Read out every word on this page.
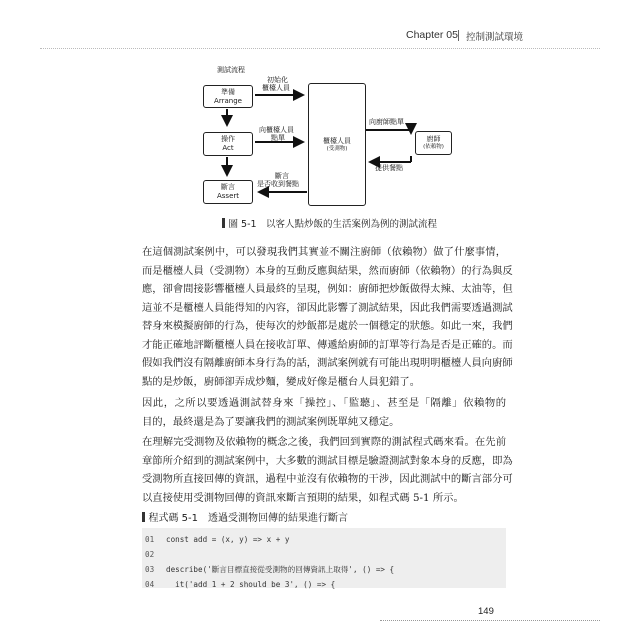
Chapter 05 控制測試環境
測試流程
準備
Arrange
操作
Act
斷言
Assert
櫃檯人員
(受測物)
廚師
(依賴物)
初始化
櫃檯人員
向櫃檯人員
點單
斷言
是否收到餐點
向廚師點單
提供餐點
圖 5-1　以客人點炒飯的生活案例為例的測試流程

在這個測試案例中，可以發現我們其實並不關注廚師（依賴物）做了什麼事情，
而是櫃檯人員（受測物）本身的互動反應與結果，然而廚師（依賴物）的行為與反
應，卻會間接影響櫃檯人員最終的呈現，例如：廚師把炒飯做得太辣、太油等，但
這並不是櫃檯人員能得知的內容，卻因此影響了測試結果，因此我們需要透過測試
替身來模擬廚師的行為，使每次的炒飯都是處於一個穩定的狀態。如此一來，我們
才能正確地評斷櫃檯人員在接收訂單、傳遞給廚師的訂單等行為是否是正確的。而
假如我們沒有隔離廚師本身行為的話，測試案例就有可能出現明明櫃檯人員向廚師
點的是炒飯，廚師卻弄成炒麵，變成好像是櫃台人員犯錯了。

因此，之所以要透過測試替身來「操控」、「監聽」、甚至是「隔離」依賴物的
目的，最終還是為了要讓我們的測試案例既單純又穩定。

在理解完受測物及依賴物的概念之後，我們回到實際的測試程式碼來看。在先前
章節所介紹到的測試案例中，大多數的測試目標是驗證測試對象本身的反應，即為
受測物所直接回傳的資訊，過程中並沒有依賴物的干涉，因此測試中的斷言部分可
以直接使用受測物回傳的資訊來斷言預期的結果，如程式碼 5-1 所示。

程式碼 5-1　透過受測物回傳的結果進行斷言
01 const add = (x, y) => x + y
02
03 describe('斷言目標直接從受測物的回傳資訊上取得', () => {
04 it('add 1 + 2 should be 3', () => {
149
